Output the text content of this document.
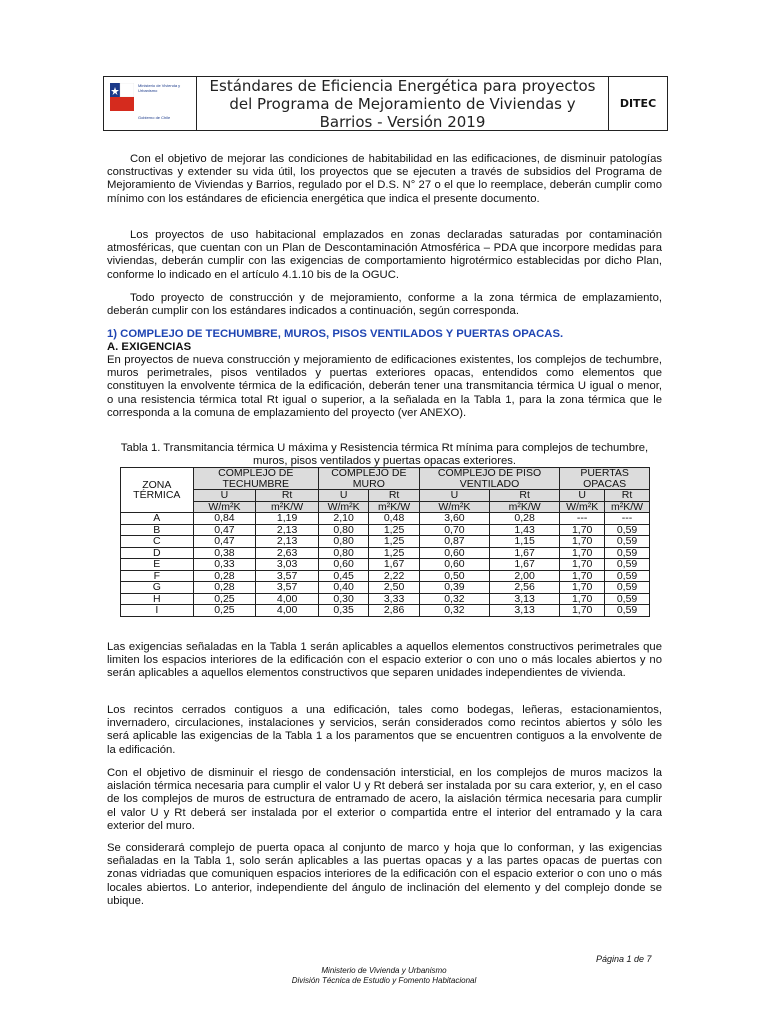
Ministerio de Vivienda y Urbanismo
Gobierno de Chile
Estándares de Eficiencia Energética para proyectos del Programa de Mejoramiento de Viviendas y Barrios - Versión 2019
DITEC
Con el objetivo de mejorar las condiciones de habitabilidad en las edificaciones, de disminuir patologías constructivas y extender su vida útil, los proyectos que se ejecuten a través de subsidios del Programa de Mejoramiento de Viviendas y Barrios, regulado por el D.S. N° 27 o el que lo reemplace, deberán cumplir como mínimo con los estándares de eficiencia energética que indica el presente documento.
Los proyectos de uso habitacional emplazados en zonas declaradas saturadas por contaminación atmosféricas, que cuentan con un Plan de Descontaminación Atmosférica – PDA que incorpore medidas para viviendas, deberán cumplir con las exigencias de comportamiento higrotérmico establecidas por dicho Plan, conforme lo indicado en el artículo 4.1.10 bis de la OGUC.
Todo proyecto de construcción y de mejoramiento, conforme a la zona térmica de emplazamiento, deberán cumplir con los estándares indicados a continuación, según corresponda.
1) COMPLEJO DE TECHUMBRE, MUROS, PISOS VENTILADOS Y PUERTAS OPACAS.
A. EXIGENCIAS
En proyectos de nueva construcción y mejoramiento de edificaciones existentes, los complejos de techumbre, muros perimetrales, pisos ventilados y puertas exteriores opacas, entendidos como elementos que constituyen la envolvente térmica de la edificación, deberán tener una transmitancia térmica U igual o menor, o una resistencia térmica total Rt igual o superior, a la señalada en la Tabla 1, para la zona térmica que le corresponda a la comuna de emplazamiento del proyecto (ver ANEXO).
Tabla 1. Transmitancia térmica U máxima y Resistencia térmica Rt mínima para complejos de techumbre, muros, pisos ventilados y puertas opacas exteriores.
ZONA TÉRMICA	COMPLEJO DE TECHUMBRE		COMPLEJO DE MURO		COMPLEJO DE PISO VENTILADO		PUERTAS OPACAS	
	U	Rt	U	Rt	U	Rt	U	Rt
	W/m²K	m²K/W	W/m²K	m²K/W	W/m²K	m²K/W	W/m²K	m²K/W
A	0,84	1,19	2,10	0,48	3,60	0,28	---	---
B	0,47	2,13	0,80	1,25	0,70	1,43	1,70	0,59
C	0,47	2,13	0,80	1,25	0,87	1,15	1,70	0,59
D	0,38	2,63	0,80	1,25	0,60	1,67	1,70	0,59
E	0,33	3,03	0,60	1,67	0,60	1,67	1,70	0,59
F	0,28	3,57	0,45	2,22	0,50	2,00	1,70	0,59
G	0,28	3,57	0,40	2,50	0,39	2,56	1,70	0,59
H	0,25	4,00	0,30	3,33	0,32	3,13	1,70	0,59
I	0,25	4,00	0,35	2,86	0,32	3,13	1,70	0,59
Las exigencias señaladas en la Tabla 1 serán aplicables a aquellos elementos constructivos perimetrales que limiten los espacios interiores de la edificación con el espacio exterior o con uno o más locales abiertos y no serán aplicables a aquellos elementos constructivos que separen unidades independientes de vivienda.
Los recintos cerrados contiguos a una edificación, tales como bodegas, leñeras, estacionamientos, invernadero, circulaciones, instalaciones y servicios, serán considerados como recintos abiertos y sólo les será aplicable las exigencias de la Tabla 1 a los paramentos que se encuentren contiguos a la envolvente de la edificación.
Con el objetivo de disminuir el riesgo de condensación intersticial, en los complejos de muros macizos la aislación térmica necesaria para cumplir el valor U y Rt deberá ser instalada por su cara exterior, y, en el caso de los complejos de muros de estructura de entramado de acero, la aislación térmica necesaria para cumplir el valor U y Rt deberá ser instalada por el exterior o compartida entre el interior del entramado y la cara exterior del muro.
Se considerará complejo de puerta opaca al conjunto de marco y hoja que lo conforman, y las exigencias señaladas en la Tabla 1, solo serán aplicables a las puertas opacas y a las partes opacas de puertas con zonas vidriadas que comuniquen espacios interiores de la edificación con el espacio exterior o con uno o más locales abiertos. Lo anterior, independiente del ángulo de inclinación del elemento y del complejo donde se ubique.
Página 1 de 7
Ministerio de Vivienda y Urbanismo
División Técnica de Estudio y Fomento Habitacional
